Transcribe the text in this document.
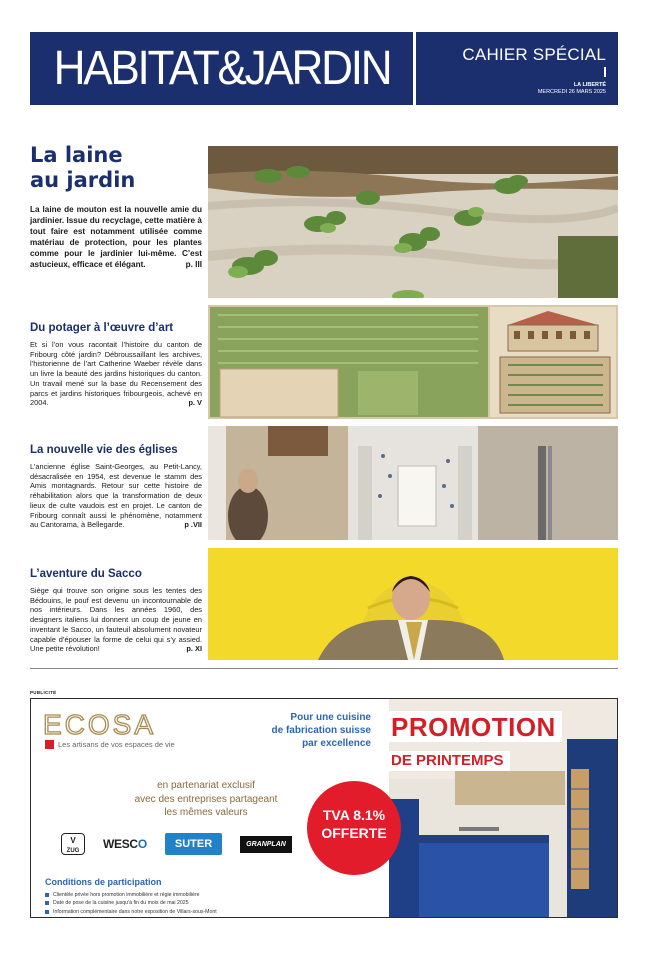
HABITAT&JARDIN	CAHIER SPÉCIAL
LA LIBERTÉ
MERCREDI 26 MARS 2025
La laine
au jardin

La laine de mouton est la nouvelle amie du jardinier. Issue du recyclage, cette matière à tout faire est notamment utilisée comme matériau de protection, pour les plantes comme pour le jardinier lui-même. C’est astucieux, efficace et élégant.	p. III

Du potager à l’œuvre d’art

Et si l’on vous racontait l’histoire du canton de Fribourg côté jardin? Débroussaillant les archives, l’historienne de l’art Catherine Waeber révèle dans un livre la beauté des jardins historiques du canton. Un travail mené sur la base du Recensement des parcs et jardins historiques fribourgeois, achevé en 2004.	p. V

La nouvelle vie des églises

L’ancienne église Saint-Georges, au Petit-Lancy, désacralisée en 1954, est devenue le stamm des Amis montagnards. Retour sur cette histoire de réhabilitation alors que la transformation de deux lieux de culte vaudois est en projet. Le canton de Fribourg connaît aussi le phénomène, notamment au Cantorama, à Bellegarde.	p .VII

L’aventure du Sacco

Siège qui trouve son origine sous les tentes des Bédouins, le pouf est devenu un incontournable de nos intérieurs. Dans les années 1960, des designers italiens lui donnent un coup de jeune en inventant le Sacco, un fauteuil absolument novateur capable d’épouser la forme de celui qui s’y assied. Une petite révolution!	p. XI

PUBLICITÉ
ECOSA
Les artisans de vos espaces de vie
Pour une cuisine
de fabrication suisse
par excellence
en partenariat exclusif
avec des entreprises partageant
les mêmes valeurs
V
ZUG	WESCO	SUTER	GRANPLAN
Conditions de participation
Clientèle privée hors promotion immobilière et régie immobilière
Date de pose de la cuisine jusqu’à fin du mois de mai 2025
Information complémentaire dans notre exposition de Villars-sous-Mont
PROMOTION
DE PRINTEMPS
TVA 8.1%
OFFERTE
